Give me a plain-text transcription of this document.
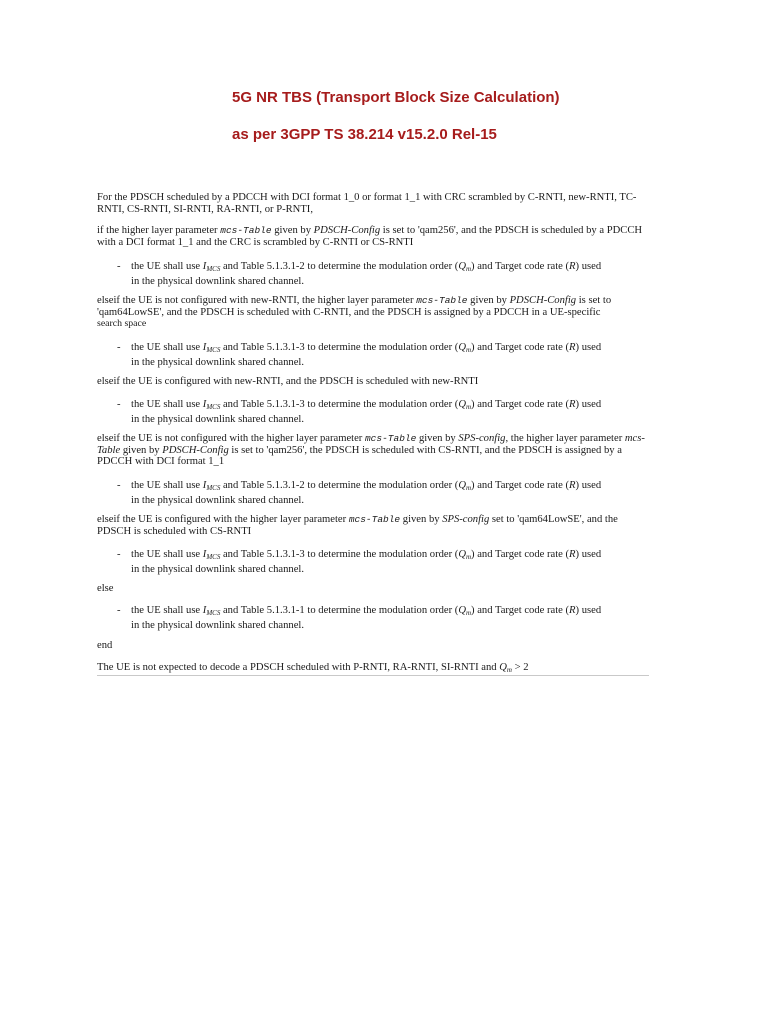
5G NR TBS (Transport Block Size Calculation)
as per 3GPP TS 38.214 v15.2.0 Rel-15
For the PDSCH scheduled by a PDCCH with DCI format 1_0 or format 1_1 with CRC scrambled by C-RNTI, new-RNTI, TC-RNTI, CS-RNTI, SI-RNTI, RA-RNTI, or P-RNTI,
if the higher layer parameter mcs-Table given by PDSCH-Config is set to 'qam256', and the PDSCH is scheduled by a PDCCH with a DCI format 1_1 and the CRC is scrambled by C-RNTI or CS-RNTI
- the UE shall use $I_{MCS}$ and Table 5.1.3.1-2 to determine the modulation order $(Q_m)$ and Target code rate (R) used
in the physical downlink shared channel.
elseif the UE is not configured with new-RNTI, the higher layer parameter mcs-Table given by PDSCH-Config is set to 'qam64LowSE', and the PDSCH is scheduled with C-RNTI, and the PDSCH is assigned by a PDCCH in a UE-specific
search space
- the UE shall use $I_{MCS}$ and Table 5.1.3.1-3 to determine the modulation order $(Q_m)$ and Target code rate (R) used
in the physical downlink shared channel.
elseif the UE is configured with new-RNTI, and the PDSCH is scheduled with new-RNTI
- the UE shall use $I_{MCS}$ and Table 5.1.3.1-3 to determine the modulation order $(Q_m)$ and Target code rate (R) used
in the physical downlink shared channel.
elseif the UE is not configured with the higher layer parameter mcs-Table given by SPS-config, the higher layer parameter mcs-Table given by PDSCH-Config is set to 'qam256', the PDSCH is scheduled with CS-RNTI, and the PDSCH is assigned by a PDCCH with DCI format 1_1
- the UE shall use $I_{MCS}$ and Table 5.1.3.1-2 to determine the modulation order $(Q_m)$ and Target code rate (R) used
in the physical downlink shared channel.
elseif the UE is configured with the higher layer parameter mcs-Table given by SPS-config set to 'qam64LowSE', and the PDSCH is scheduled with CS-RNTI
- the UE shall use $I_{MCS}$ and Table 5.1.3.1-3 to determine the modulation order $(Q_m)$ and Target code rate (R) used
in the physical downlink shared channel.
else
- the UE shall use $I_{MCS}$ and Table 5.1.3.1-1 to determine the modulation order $(Q_m)$ and Target code rate (R) used
in the physical downlink shared channel.
end
The UE is not expected to decode a PDSCH scheduled with P-RNTI, RA-RNTI, SI-RNTI and $Q_m > 2$
